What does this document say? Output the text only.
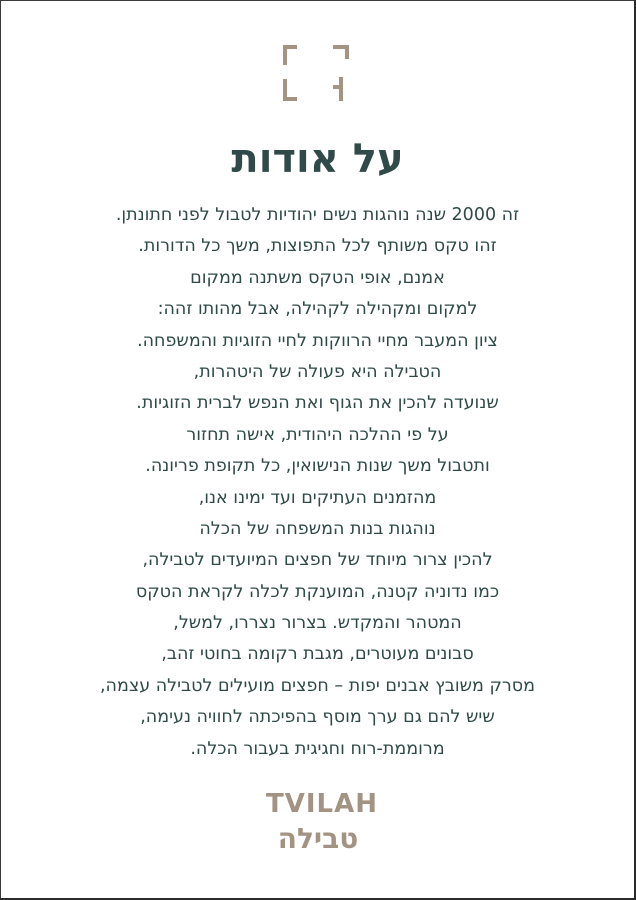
על אודות

זה 2000 שנה נוהגות נשים יהודיות לטבול לפני חתונתן.

זהו טקס משותף לכל התפוצות, משך כל הדורות.

אמנם, אופי הטקס משתנה ממקום

למקום ומקהילה לקהילה, אבל מהותו זהה:

ציון המעבר מחיי הרווקות לחיי הזוגיות והמשפחה.

הטבילה היא פעולה של היטהרות,

שנועדה להכין את הגוף ואת הנפש לברית הזוגיות.

על פי ההלכה היהודית, אישה תחזור

ותטבול משך שנות הנישואין, כל תקופת פריונה.

מהזמנים העתיקים ועד ימינו אנו,

נוהגות בנות המשפחה של הכלה

להכין צרור מיוחד של חפצים המיועדים לטבילה,

כמו נדוניה קטנה, המוענקת לכלה לקראת הטקס

המטהר והמקדש. בצרור נצררו, למשל,

סבונים מעוטרים, מגבת רקומה בחוטי זהב,

מסרק משובץ אבנים יפות – חפצים מועילים לטבילה עצמה,

שיש להם גם ערך מוסף בהפיכתה לחוויה נעימה,

מרוממת-רוח וחגיגית בעבור הכלה.

TVILAH
טבילה
